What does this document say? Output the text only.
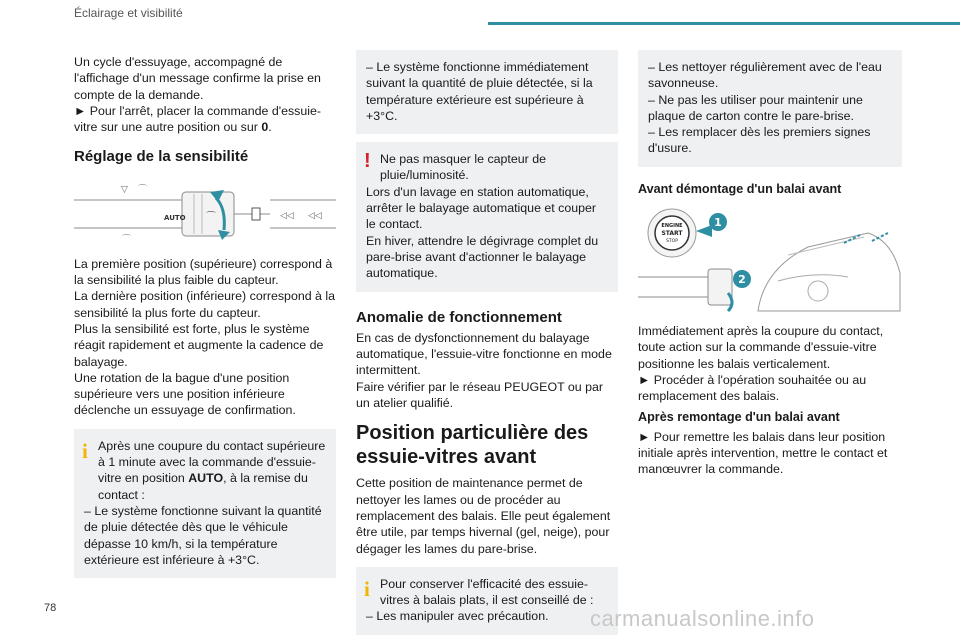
Éclairage et visibilité

Un cycle d'essuyage, accompagné de l'affichage d'un message confirme la prise en compte de la demande.

► Pour l'arrêt, placer la commande d'essuie-vitre sur une autre position ou sur 0.

Réglage de la sensibilité
▽ ⌒
⌒
AUTO ⌒	◁◁ ◁◁

La première position (supérieure) correspond à la sensibilité la plus faible du capteur.

La dernière position (inférieure) correspond à la sensibilité la plus forte du capteur.

Plus la sensibilité est forte, plus le système réagit rapidement et augmente la cadence de balayage.

Une rotation de la bague d'une position supérieure vers une position inférieure déclenche un essuyage de confirmation.

i Après une coupure du contact supérieure à 1 minute avec la commande d'essuie-vitre en position AUTO, à la remise du contact :

– Le système fonctionne suivant la quantité de pluie détectée dès que le véhicule dépasse 10 km/h, si la température extérieure est inférieure à +3°C.

– Le système fonctionne immédiatement suivant la quantité de pluie détectée, si la température extérieure est supérieure à +3°C.

! Ne pas masquer le capteur de pluie/luminosité.

Lors d'un lavage en station automatique, arrêter le balayage automatique et couper le contact.

En hiver, attendre le dégivrage complet du pare-brise avant d'actionner le balayage automatique.

Anomalie de fonctionnement

En cas de dysfonctionnement du balayage automatique, l'essuie-vitre fonctionne en mode intermittent.

Faire vérifier par le réseau PEUGEOT ou par un atelier qualifié.

Position particulière des essuie-vitres avant

Cette position de maintenance permet de nettoyer les lames ou de procéder au remplacement des balais. Elle peut également être utile, par temps hivernal (gel, neige), pour dégager les lames du pare-brise.

i Pour conserver l'efficacité des essuie-vitres à balais plats, il est conseillé de :

– Les manipuler avec précaution.

– Les nettoyer régulièrement avec de l'eau savonneuse.

– Ne pas les utiliser pour maintenir une plaque de carton contre le pare-brise.

– Les remplacer dès les premiers signes d'usure.

Avant démontage d'un balai avant
ENGINE
START
STOP
1
2

Immédiatement après la coupure du contact, toute action sur la commande d'essuie-vitre positionne les balais verticalement.

► Procéder à l'opération souhaitée ou au remplacement des balais.

Après remontage d'un balai avant

► Pour remettre les balais dans leur position initiale après intervention, mettre le contact et manœuvrer la commande.

78	carmanualsonline.info
